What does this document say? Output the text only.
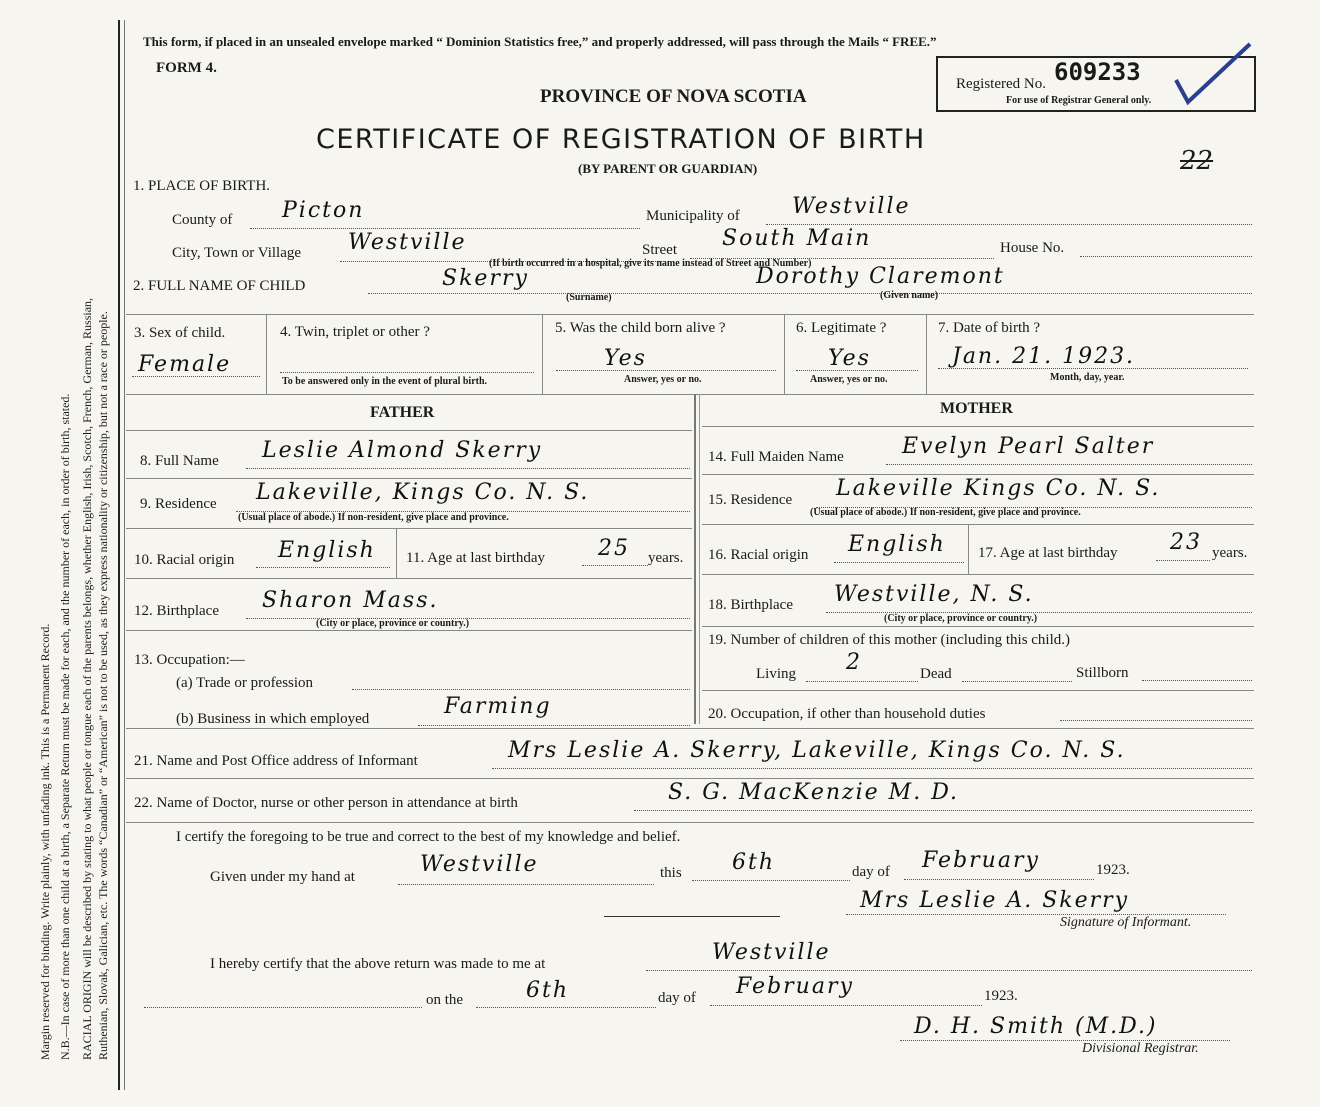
Margin reserved for binding. Write plainly, with unfading ink. This is a Permanent Record. N.B.—In case of more than one child at a birth, a Separate Return must be made for each, and the number of each, in order of birth, stated. RACIAL ORIGIN will be described by stating to what people or tongue each of the parents belongs, whether English, Irish, Scotch, French, German, Russian, Ruthenian, Slovak, Galician, etc. The words “Canadian” or “American” is not to be used, as they express nationality or citizenship, but not a race or people.
This form, if placed in an unsealed envelope marked “ Dominion Statistics free,” and properly addressed, will pass through the Mails “ FREE.”
FORM 4.
PROVINCE OF NOVA SCOTIA
CERTIFICATE OF REGISTRATION OF BIRTH
(BY PARENT OR GUARDIAN)
Registered No. 609233
For use of Registrar General only.
22
1. PLACE OF BIRTH.
County of Picton	Municipality of Westville
City, Town or Village Westville	Street South Main	House No.
(If birth occurred in a hospital, give its name instead of Street and Number)
2. FULL NAME OF CHILD	Skerry
(Surname)
Dorothy Claremont
(Given name)
3. Sex of child.
Female
4. Twin, triplet or other ?
To be answered only in the event of plural birth.
5. Was the child born alive ?
Yes
Answer, yes or no.
6. Legitimate ?
Yes
Answer, yes or no.
7. Date of birth ?
Jan. 21. 1923.
Month, day, year.
FATHER	MOTHER
8. Full Name Leslie Almond Skerry
9. Residence Lakeville, Kings Co. N. S.
(Usual place of abode.) If non-resident, give place and province.
10. Racial origin English 11. Age at last birthday 25 years.
12. Birthplace Sharon Mass.
(City or place, province or country.)
13. Occupation:—
(a) Trade or profession
(b) Business in which employed	Farming
14. Full Maiden Name	Evelyn Pearl Salter
15. Residence Lakeville Kings Co. N. S.
(Usual place of abode.) If non-resident, give place and province.
16. Racial origin English 17. Age at last birthday 23 years.
18. Birthplace Westville, N. S.
(City or place, province or country.)
19. Number of children of this mother (including this child.)
Living 2	Dead	Stillborn
20. Occupation, if other than household duties
21. Name and Post Office address of Informant	Mrs Leslie A. Skerry, Lakeville, Kings Co. N. S.
22. Name of Doctor, nurse or other person in attendance at birth	S. G. MacKenzie M. D.
I certify the foregoing to be true and correct to the best of my knowledge and belief.
Given under my hand at	Westville	this 6th	day of February	1923.
Mrs Leslie A. Skerry
Signature of Informant.
I hereby certify that the above return was made to me at	Westville
on the	6th	day of February	1923.
D. H. Smith (M.D.)
Divisional Registrar.
